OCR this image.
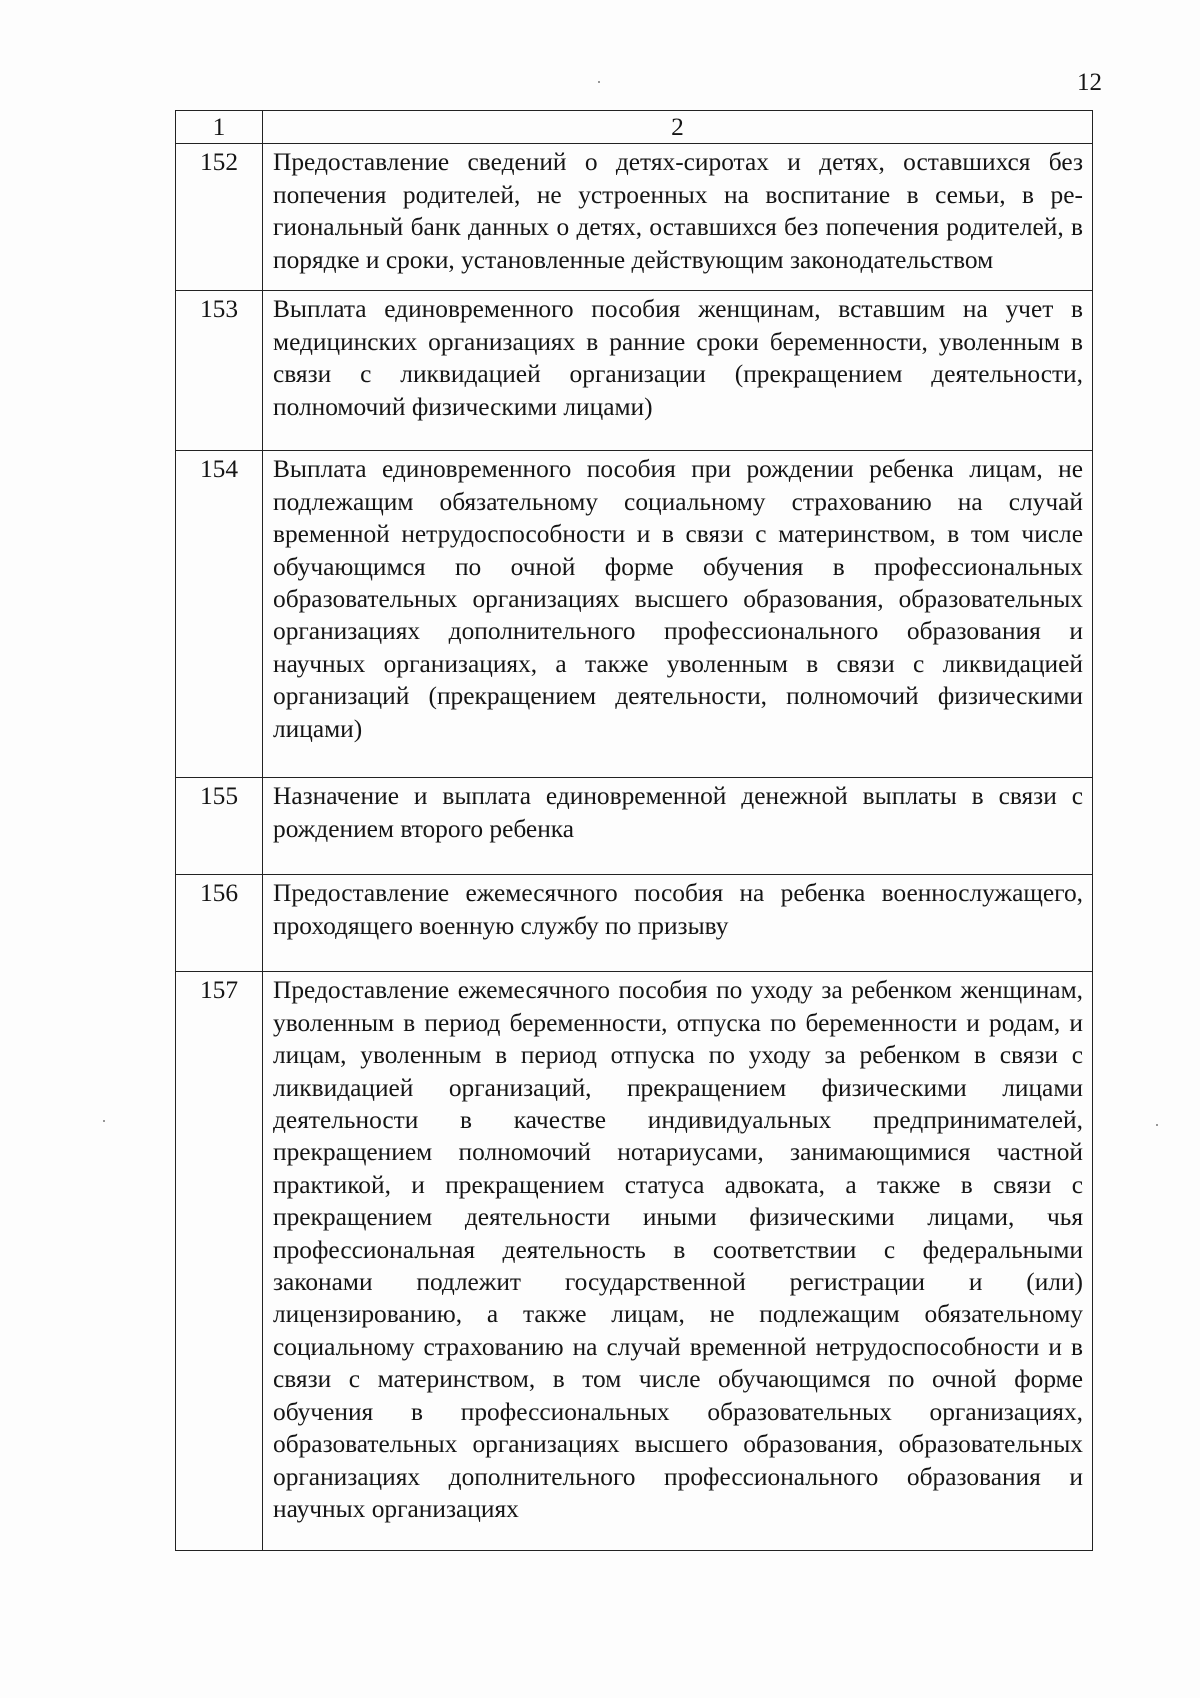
12
1	2
152	Предоставление сведений о детях-сиротах и детях, оставшихся без попечения родителей, не устроенных на воспитание в семьи, в региональный банк данных о детях, оставшихся без попечения родителей, в порядке и сроки, установленные действующим законодательством
153	Выплата единовременного пособия женщинам, вставшим на учет в медицинских организациях в ранние сроки беременности, уволенным в связи с ликвидацией организации (прекращением деятельности, полномочий физическими лицами)
154	Выплата единовременного пособия при рождении ребенка лицам, не подлежащим обязательному социальному страхованию на случай временной нетрудоспособности и в связи с материнством, в том числе обучающимся по очной форме обучения в профессиональных образовательных организациях высшего образования, образовательных организациях дополнительного профессионального образования и научных организациях, а также уволенным в связи с ликвидацией организаций (прекращением деятельности, полномочий физическими лицами)
155	Назначение и выплата единовременной денежной выплаты в связи с рождением второго ребенка
156	Предоставление ежемесячного пособия на ребенка военнослужащего, проходящего военную службу по призыву
157	Предоставление ежемесячного пособия по уходу за ребенком женщинам, уволенным в период беременности, отпуска по беременности и родам, и лицам, уволенным в период отпуска по уходу за ребенком в связи с ликвидацией организаций, прекращением физическими лицами деятельности в качестве индивидуальных предпринимателей, прекращением полномочий нотариусами, занимающимися частной практикой, и прекращением статуса адвоката, а также в связи с прекращением деятельности иными физическими лицами, чья профессиональная деятельность в соответствии с федеральными законами подлежит государственной регистрации и (или) лицензированию, а также лицам, не подлежащим обязательному социальному страхованию на случай временной нетрудоспособности и в связи с материнством, в том числе обучающимся по очной форме обучения в профессиональных образовательных организациях, образовательных организациях высшего образования, образовательных организациях дополнительного профессионального образования и научных организациях
